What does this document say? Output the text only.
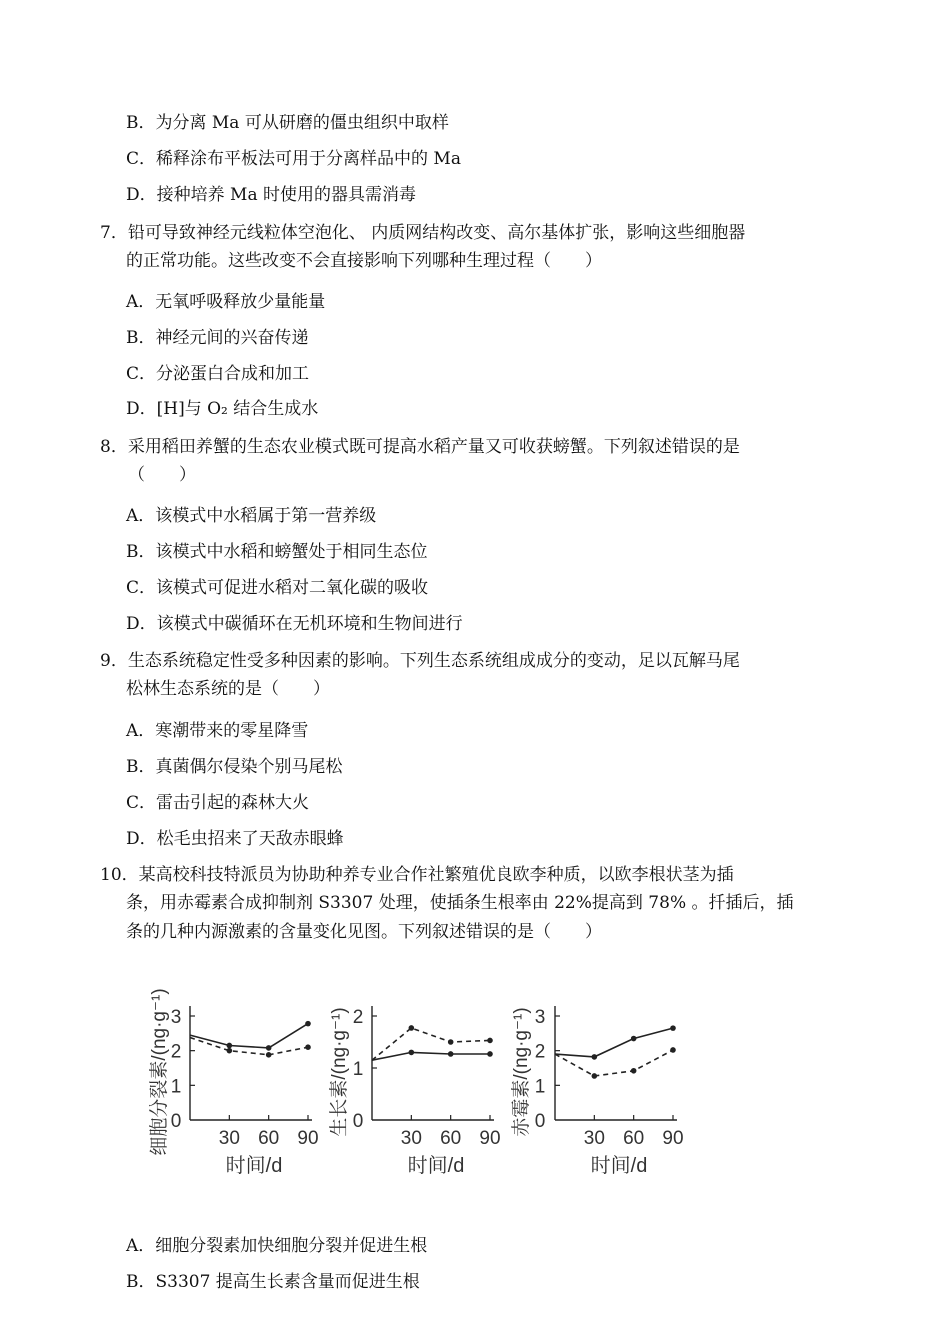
B．为分离 Ma 可从研磨的僵虫组织中取样
C．稀释涂布平板法可用于分离样品中的 Ma
D．接种培养 Ma 时使用的器具需消毒
7．铅可导致神经元线粒体空泡化、 内质网结构改变、高尔基体扩张，影响这些细胞器
的正常功能。这些改变不会直接影响下列哪种生理过程（　　）
A．无氧呼吸释放少量能量
B．神经元间的兴奋传递
C．分泌蛋白合成和加工
D．[H]与 O₂ 结合生成水
8．采用稻田养蟹的生态农业模式既可提高水稻产量又可收获螃蟹。下列叙述错误的是
（　　）
A．该模式中水稻属于第一营养级
B．该模式中水稻和螃蟹处于相同生态位
C．该模式可促进水稻对二氧化碳的吸收
D．该模式中碳循环在无机环境和生物间进行
9．生态系统稳定性受多种因素的影响。下列生态系统组成成分的变动，足以瓦解马尾
松林生态系统的是（　　）
A．寒潮带来的零星降雪
B．真菌偶尔侵染个别马尾松
C．雷击引起的森林大火
D．松毛虫招来了天敌赤眼蜂
10．某高校科技特派员为协助种养专业合作社繁殖优良欧李种质，以欧李根状茎为插
条，用赤霉素合成抑制剂 S3307 处理，使插条生根率由 22%提高到 78% 。扦插后，插
条的几种内源激素的含量变化见图。下列叙述错误的是（　　）
0
1
2
3
30 60 90
时间/d
细胞分裂素/(ng·g⁻¹)	0
1
2
30 60 90
时间/d
生长素/(ng·g⁻¹)	0
1
2
3
30 60 90
时间/d
赤霉素/(ng·g⁻¹)
A．细胞分裂素加快细胞分裂并促进生根
B．S3307 提高生长素含量而促进生根
